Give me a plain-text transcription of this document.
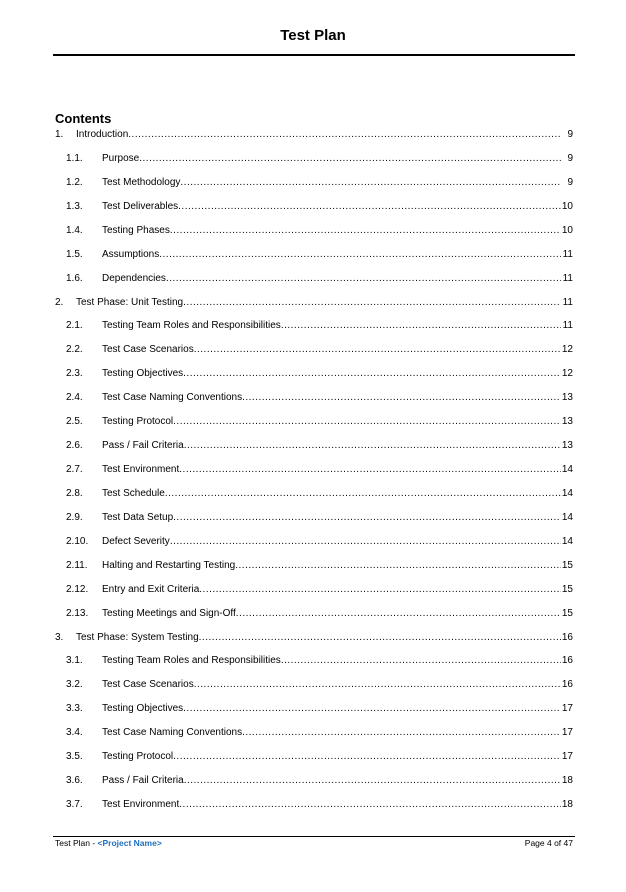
Test Plan
Contents
1.	Introduction .....	9
1.1.	Purpose .....	9
1.2.	Test Methodology .....	9
1.3.	Test Deliverables .....	10
1.4.	Testing Phases .....	10
1.5.	Assumptions .....	11
1.6.	Dependencies .....	11
2.	Test Phase: Unit Testing .....	11
2.1.	Testing Team Roles and Responsibilities .....	11
2.2.	Test Case Scenarios .....	12
2.3.	Testing Objectives .....	12
2.4.	Test Case Naming Conventions .....	13
2.5.	Testing Protocol .....	13
2.6.	Pass / Fail Criteria .....	13
2.7.	Test Environment .....	14
2.8.	Test Schedule .....	14
2.9.	Test Data Setup .....	14
2.10.	Defect Severity .....	14
2.11.	Halting and Restarting Testing .....	15
2.12.	Entry and Exit Criteria .....	15
2.13.	Testing Meetings and Sign-Off .....	15
3.	Test Phase: System Testing .....	16
3.1.	Testing Team Roles and Responsibilities .....	16
3.2.	Test Case Scenarios .....	16
3.3.	Testing Objectives .....	17
3.4.	Test Case Naming Conventions .....	17
3.5.	Testing Protocol .....	17
3.6.	Pass / Fail Criteria .....	18
3.7.	Test Environment .....	18
Test Plan - <Project Name>	Page 4 of 47
